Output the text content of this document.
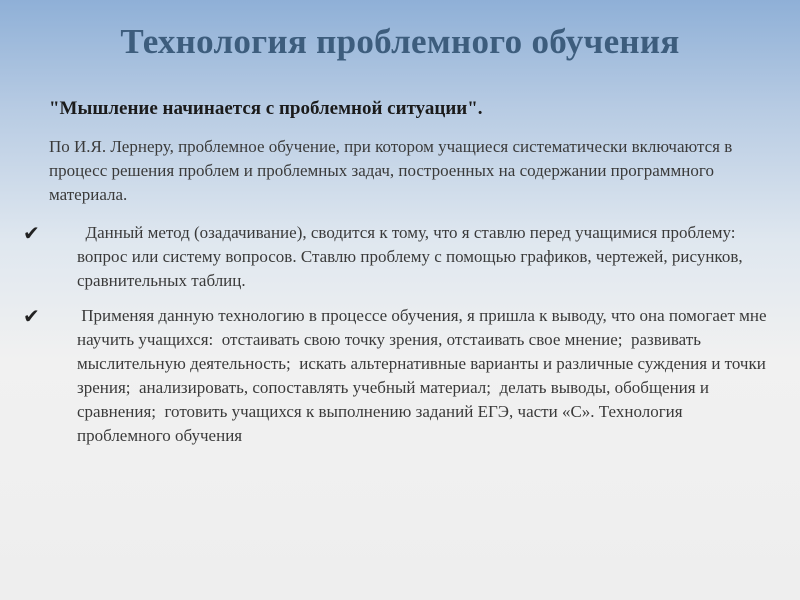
Технология проблемного обучения
"Мышление начинается с проблемной ситуации".
По И.Я. Лернеру, проблемное обучение, при котором учащиеся систематически включаются в процесс решения проблем и проблемных задач, построенных на содержании программного материала.
✔	Данный метод (озадачивание), сводится к тому, что я ставлю перед учащимися проблему: вопрос или систему вопросов. Ставлю проблему с помощью графиков, чертежей, рисунков, сравнительных таблиц.
✔	Применяя данную технологию в процессе обучения, я пришла к выводу, что она помогает мне научить учащихся:  отстаивать свою точку зрения, отстаивать свое мнение;  развивать мыслительную деятельность;  искать альтернативные варианты и различные суждения и точки зрения;  анализировать, сопоставлять учебный материал;  делать выводы, обобщения и сравнения;  готовить учащихся к выполнению заданий ЕГЭ, части «С». Технология проблемного обучения
